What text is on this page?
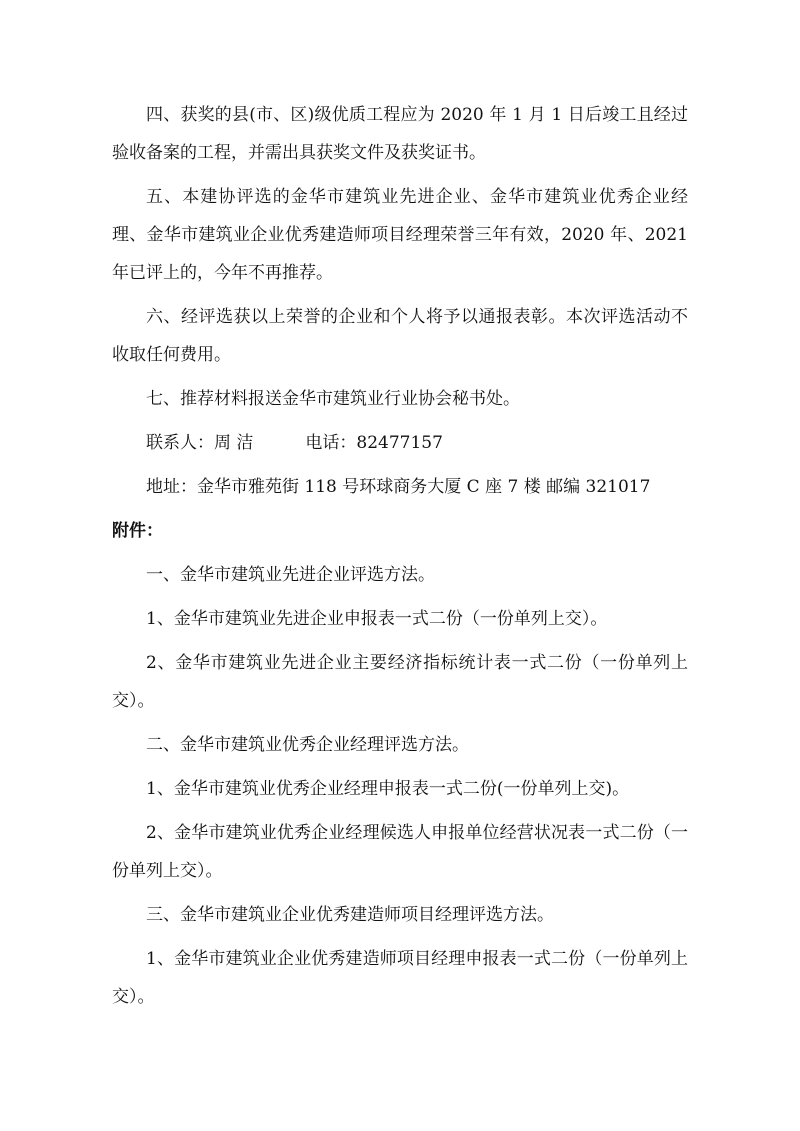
四、获奖的县(市、区)级优质工程应为 2020 年 1 月 1 日后竣工且经过验收备案的工程，并需出具获奖文件及获奖证书。

五、本建协评选的金华市建筑业先进企业、金华市建筑业优秀企业经理、金华市建筑业企业优秀建造师项目经理荣誉三年有效，2020 年、2021 年已评上的，今年不再推荐。

六、经评选获以上荣誉的企业和个人将予以通报表彰。本次评选活动不收取任何费用。

七、推荐材料报送金华市建筑业行业协会秘书处。

联系人：周 洁	电话：82477157

地址：金华市雅苑街 118 号环球商务大厦 C 座 7 楼 邮编 321017

附件：

一、金华市建筑业先进企业评选方法。

1、金华市建筑业先进企业申报表一式二份（一份单列上交）。

2、金华市建筑业先进企业主要经济指标统计表一式二份（一份单列上交）。

二、金华市建筑业优秀企业经理评选方法。

1、金华市建筑业优秀企业经理申报表一式二份(一份单列上交)。

2、金华市建筑业优秀企业经理候选人申报单位经营状况表一式二份（一份单列上交）。

三、金华市建筑业企业优秀建造师项目经理评选方法。

1、金华市建筑业企业优秀建造师项目经理申报表一式二份（一份单列上交）。
